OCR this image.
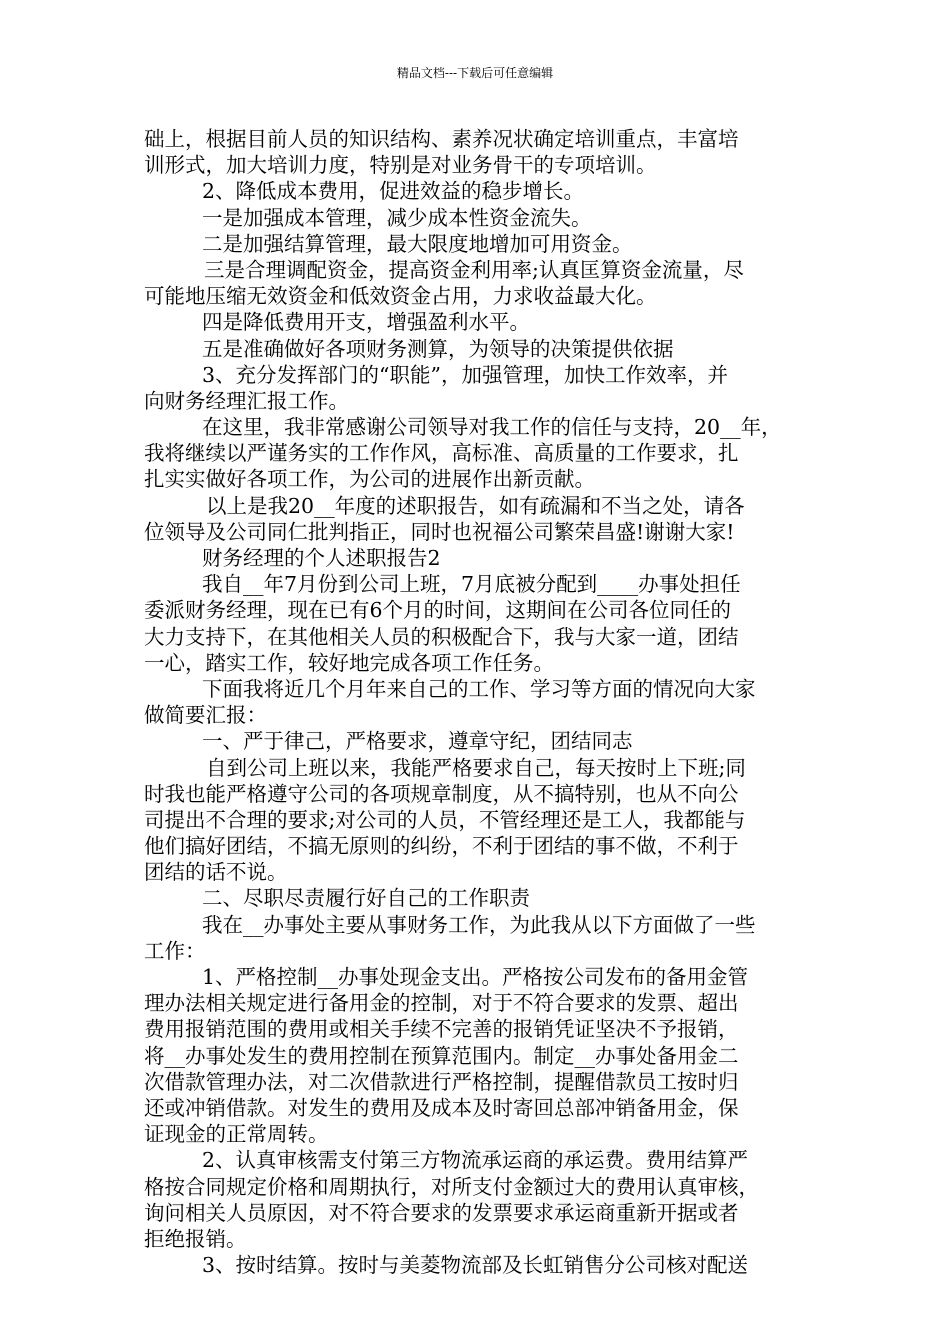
精品文档---下载后可任意编辑
础上，根据目前人员的知识结构、素养况状确定培训重点，丰富培
训形式，加大培训力度，特别是对业务骨干的专项培训。
2、降低成本费用，促进效益的稳步增长。
一是加强成本管理，减少成本性资金流失。
二是加强结算管理，最大限度地增加可用资金。
三是合理调配资金，提高资金利用率;认真匡算资金流量，尽
可能地压缩无效资金和低效资金占用，力求收益最大化。
四是降低费用开支，增强盈利水平。
五是准确做好各项财务测算，为领导的决策提供依据
3、充分发挥部门的“职能”，加强管理，加快工作效率，并
向财务经理汇报工作。
在这里，我非常感谢公司领导对我工作的信任与支持，20__年，
我将继续以严谨务实的工作作风，高标准、高质量的工作要求，扎
扎实实做好各项工作，为公司的进展作出新贡献。
以上是我20__年度的述职报告，如有疏漏和不当之处，请各
位领导及公司同仁批判指正，同时也祝福公司繁荣昌盛!谢谢大家!
财务经理的个人述职报告2
我自__年7月份到公司上班，7月底被分配到____办事处担任
委派财务经理，现在已有6个月的时间，这期间在公司各位同任的
大力支持下，在其他相关人员的积极配合下，我与大家一道，团结
一心，踏实工作，较好地完成各项工作任务。
下面我将近几个月年来自己的工作、学习等方面的情况向大家
做简要汇报：
一、严于律己，严格要求，遵章守纪，团结同志
自到公司上班以来，我能严格要求自己，每天按时上下班;同
时我也能严格遵守公司的各项规章制度，从不搞特别，也从不向公
司提出不合理的要求;对公司的人员，不管经理还是工人，我都能与
他们搞好团结，不搞无原则的纠纷，不利于团结的事不做，不利于
团结的话不说。
二、尽职尽责履行好自己的工作职责
我在__办事处主要从事财务工作，为此我从以下方面做了一些
工作：
1、严格控制__办事处现金支出。严格按公司发布的备用金管
理办法相关规定进行备用金的控制，对于不符合要求的发票、超出
费用报销范围的费用或相关手续不完善的报销凭证坚决不予报销，
将__办事处发生的费用控制在预算范围内。制定__办事处备用金二
次借款管理办法，对二次借款进行严格控制，提醒借款员工按时归
还或冲销借款。对发生的费用及成本及时寄回总部冲销备用金，保
证现金的正常周转。
2、认真审核需支付第三方物流承运商的承运费。费用结算严
格按合同规定价格和周期执行，对所支付金额过大的费用认真审核，
询问相关人员原因，对不符合要求的发票要求承运商重新开据或者
拒绝报销。
3、按时结算。按时与美菱物流部及长虹销售分公司核对配送
